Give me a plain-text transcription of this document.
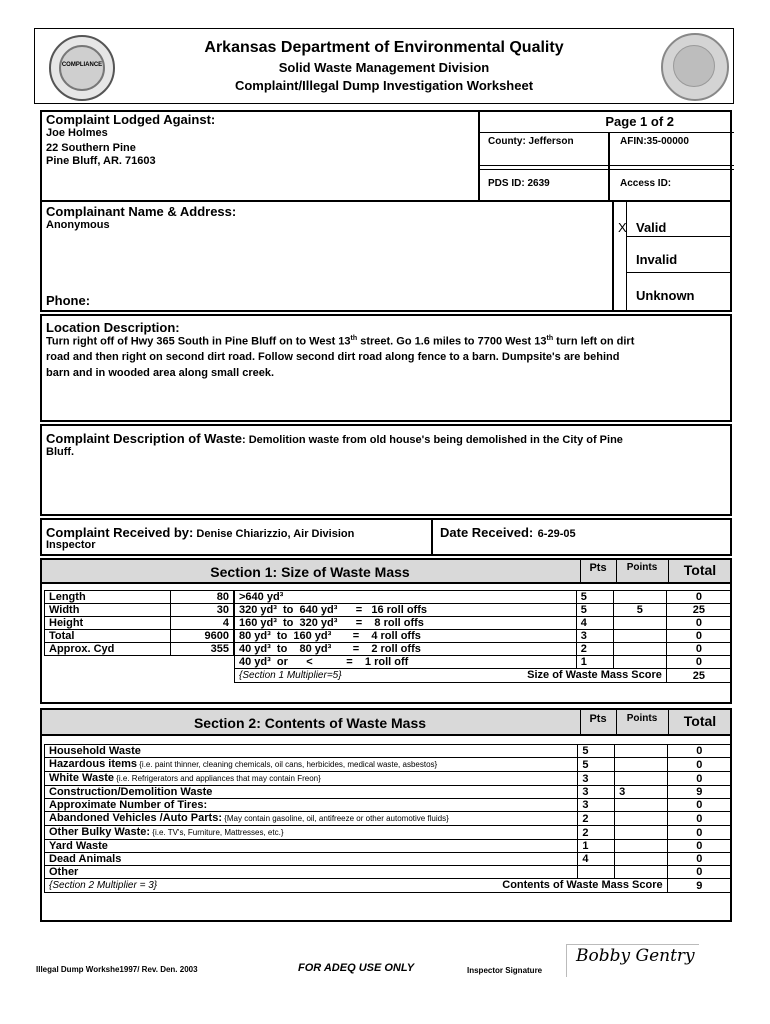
COMPLIANCE
Arkansas Department of Environmental Quality
Solid Waste Management Division
Complaint/Illegal Dump Investigation Worksheet
Complaint Lodged Against:
Joe Holmes
22 Southern Pine
Pine Bluff, AR. 71603
Page 1 of 2
County: Jefferson	AFIN:35-00000
PDS ID: 2639	Access ID:
Complainant Name & Address:
Anonymous
Phone:
X Valid
Invalid
Unknown
Location Description:
Turn right off of Hwy 365 South in Pine Bluff on to West 13th street. Go 1.6 miles to 7700 West 13th turn left on dirt
road and then right on second dirt road. Follow second dirt road along fence to a barn. Dumpsite's are behind
barn and in wooded area along small creek.
Complaint Description of Waste: Demolition waste from old house's being demolished in the City of Pine
Bluff.
Complaint Received by: Denise Chiarizzio, Air Division
Inspector
Date Received: 6-29-05
Section 1: Size of Waste Mass	Pts	Points	Total
Length	80
Width	30
Height	4
Total	9600
Approx. Cyd	355
>640 yd³	5		0
320 yd³  to  640 yd³      =   16 roll offs	5	5	25
160 yd³  to  320 yd³      =    8 roll offs	4		0
80 yd³  to  160 yd³       =    4 roll offs	3		0
40 yd³  to    80 yd³       =    2 roll offs	2		0
40 yd³  or      <           =    1 roll off	1		0
{Section 1 Multiplier=5} Size of Waste Mass Score			25
Section 2: Contents of Waste Mass	Pts	Points	Total
Household Waste	5		0
Hazardous items {i.e. paint thinner, cleaning chemicals, oil cans, herbicides, medical waste, asbestos}	5		0
White Waste {i.e. Refrigerators and appliances that may contain Freon}	3		0
Construction/Demolition Waste	3	3	9
Approximate Number of Tires:	3		0
Abandoned Vehicles /Auto Parts: {May contain gasoline, oil, antifreeze or other automotive fluids}	2		0
Other Bulky Waste: {i.e. TV's, Furniture, Mattresses, etc.}	2		0
Yard Waste	1		0
Dead Animals	4		0
Other			0
{Section 2 Multiplier = 3} Contents of Waste Mass Score			9
Illegal Dump Workshe1997/ Rev. Den. 2003	FOR ADEQ USE ONLY	Inspector Signature
Bobby Gentry
